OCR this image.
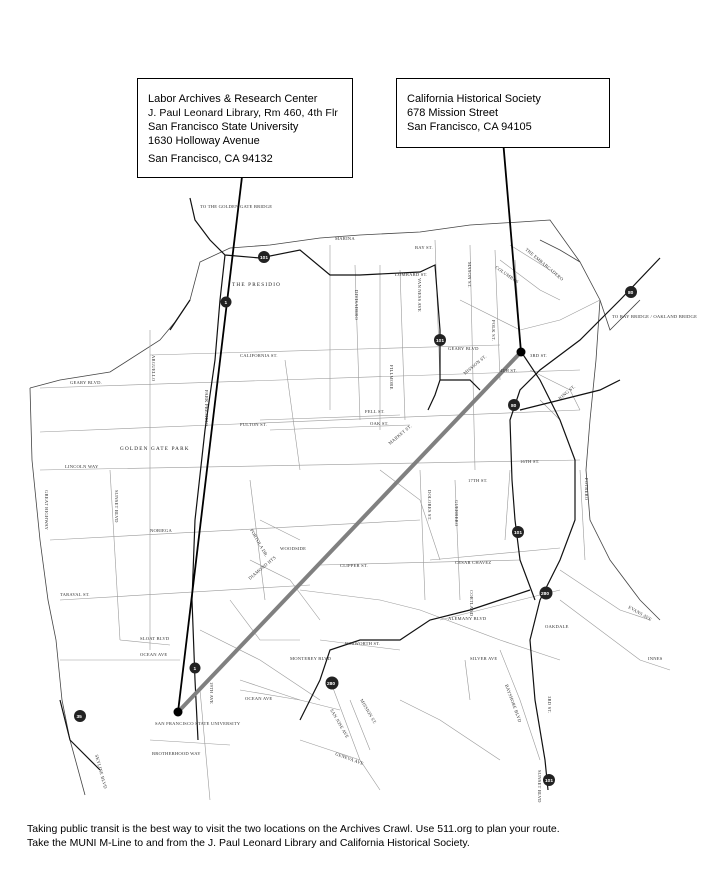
101
1
101
80
80
101
280
280
1
35
101
TO THE GOLDEN GATE BRIDGE
THE PRESIDIO
GOLDEN GATE PARK
MARINA
BAY ST.
LOMBARD ST.	COLUMBUS THE EMBARCADERO
TO BAY BRIDGE / OAKLAND BRIDGE
CALIFORNIA ST.
GEARY BLVD.
GEARY BLVD
FULTON ST.
LINCOLN WAY
PARK PRESIDIO
ARGUELLO
FELL ST.
OAK ST.
MARKET ST.
MISSION ST.
VAN NESS AVE
DIVISADERO
FILLMORE
POLK ST.
MASON ST.
3RD ST.
4TH ST.
KING ST.
16TH ST.
17TH ST.
DOLORES ST.	GUERRERO
POTRERO
CESAR CHAVEZ
CLIPPER ST.
PORTOLA DR. WOODSIDE
DIAMOND HTS
NORIEGA
TARAVAL ST.
SLOAT BLVD
OCEAN AVE
OCEAN AVE
SUNSET BLVD
GREAT HIGHWAY
19TH AVE
MONTEREY BLVD
BOSWORTH ST.
ALEMANY BLVD
SILVER AVE
CORTLAND
OAKDALE
3RD ST.
EVANS AVE
BAYSHORE BLVD
SAN JOSE AVE
GENEVA AVE
MISSION ST.
BROTHERHOOD WAY
SAN FRANCISCO STATE UNIVERSITY
SKYLINE BLVD
INNES
SUNSET BLVD
Labor Archives & Research Center
J. Paul Leonard Library, Rm 460, 4th Flr
San Francisco State University
1630 Holloway Avenue
San Francisco, CA 94132
California Historical Society
678 Mission Street
San Francisco, CA 94105
Taking public transit is the best way to visit the two locations on the Archives Crawl. Use 511.org to plan your route.
Take the MUNI M-Line to and from the J. Paul Leonard Library and California Historical Society.
